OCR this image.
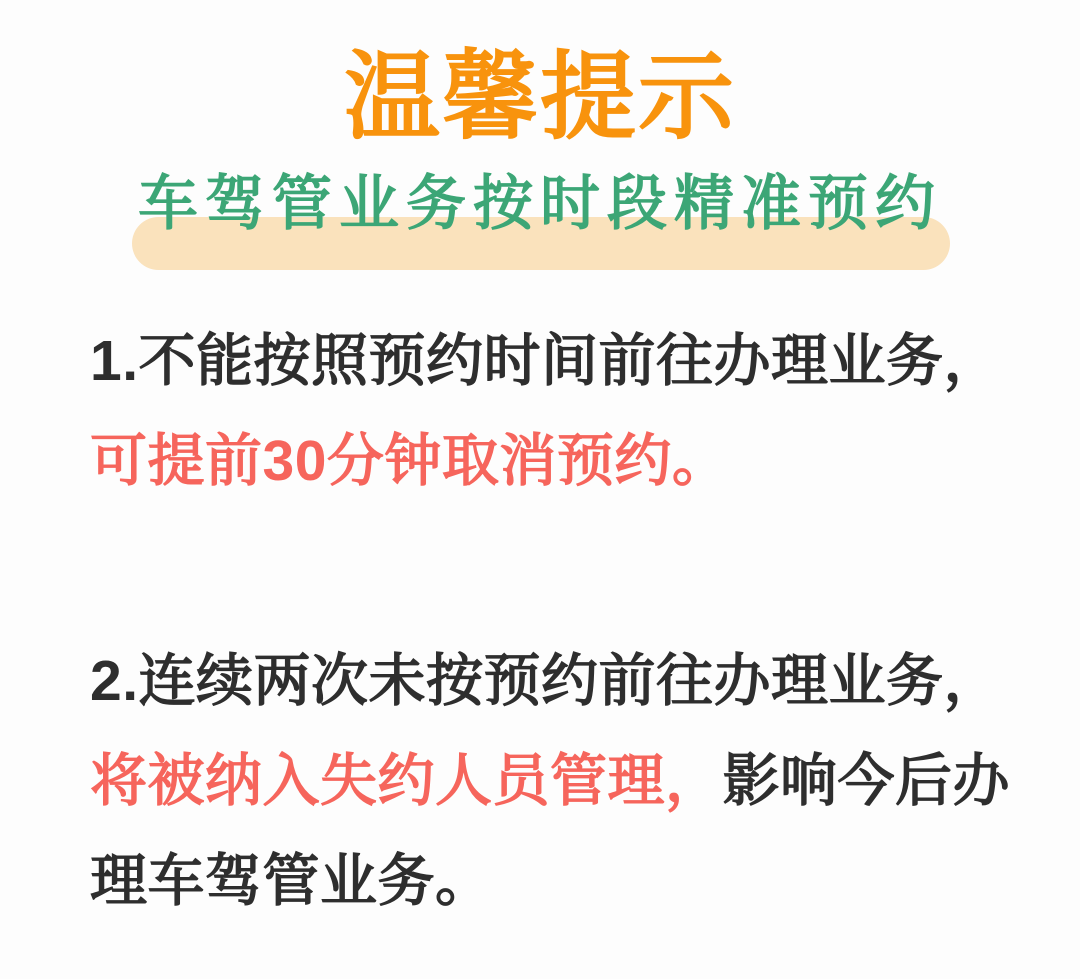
温馨提示
车驾管业务按时段精准预约

1.不能按照预约时间前往办理业务，可提前30分钟取消预约。

2.连续两次未按预约前往办理业务，将被纳入失约人员管理，影响今后办理车驾管业务。
